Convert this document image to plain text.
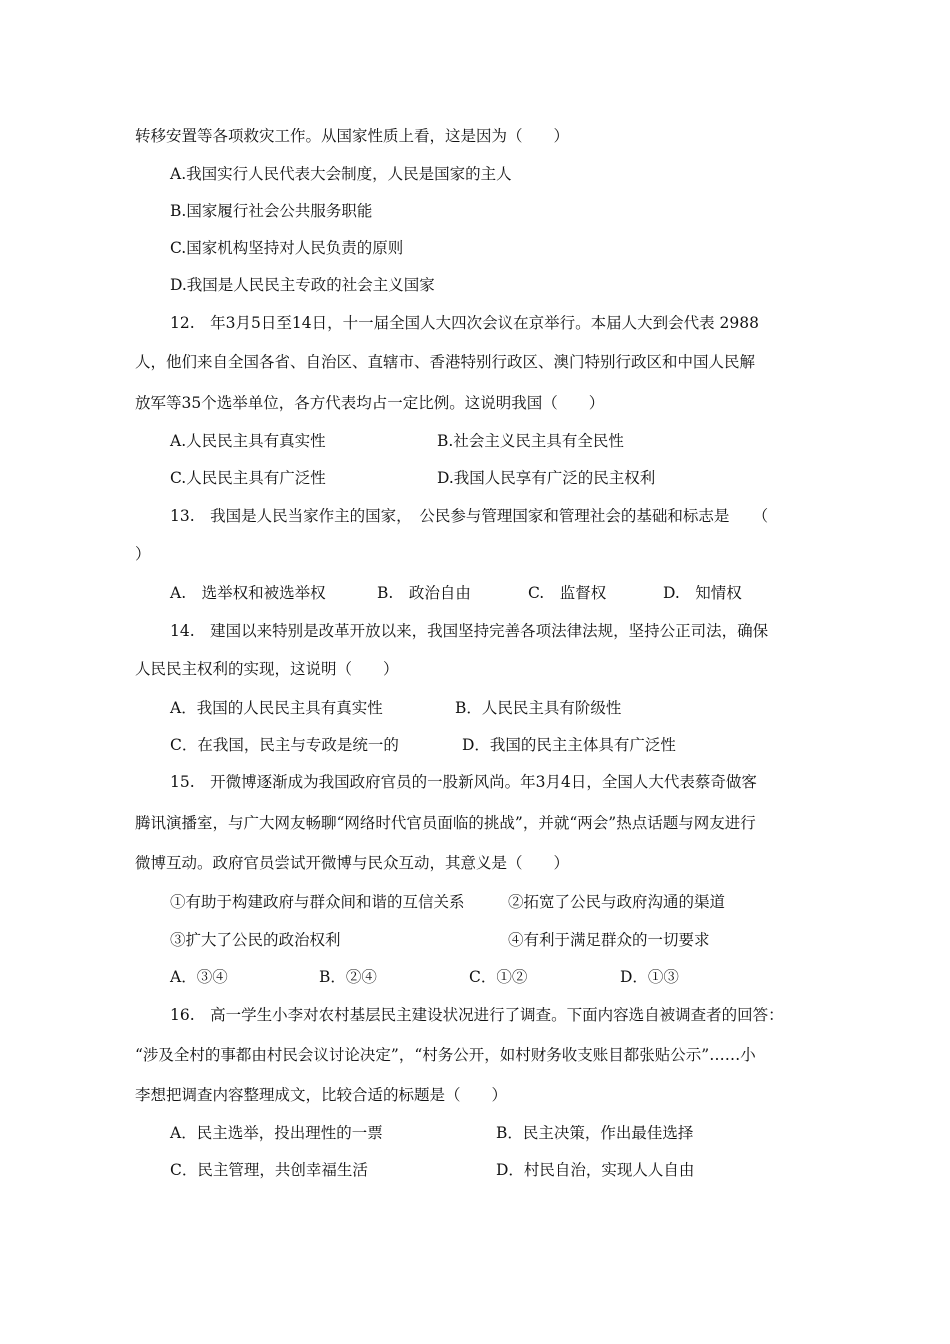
转移安置等各项救灾工作。从国家性质上看，这是因为（　　）
A.我国实行人民代表大会制度，人民是国家的主人
B.国家履行社会公共服务职能
C.国家机构坚持对人民负责的原则
D.我国是人民民主专政的社会主义国家
12.　年3月5日至14日，十一届全国人大四次会议在京举行。本届人大到会代表 2988
人，他们来自全国各省、自治区、直辖市、香港特别行政区、澳门特别行政区和中国人民解
放军等35个选举单位，各方代表均占一定比例。这说明我国（　　）
A.人民民主具有真实性	B.社会主义民主具有全民性
C.人民民主具有广泛性	D.我国人民享有广泛的民主权利
13.　我国是人民当家作主的国家，　公民参与管理国家和管理社会的基础和标志是　　（
）
A.　选举权和被选举权	B.　政治自由	C.　监督权	D.　知情权
14.　建国以来特别是改革开放以来，我国坚持完善各项法律法规，坚持公正司法，确保
人民民主权利的实现，这说明（　　）
A．我国的人民民主具有真实性	B．人民民主具有阶级性
C．在我国，民主与专政是统一的	D．我国的民主主体具有广泛性
15.　开微博逐渐成为我国政府官员的一股新风尚。年3月4日，全国人大代表蔡奇做客
腾讯演播室，与广大网友畅聊“网络时代官员面临的挑战”，并就“两会”热点话题与网友进行
微博互动。政府官员尝试开微博与民众互动，其意义是（　　）
①有助于构建政府与群众间和谐的互信关系	②拓宽了公民与政府沟通的渠道
③扩大了公民的政治权利	④有利于满足群众的一切要求
A．③④	B．②④	C．①②	D．①③
16.　高一学生小李对农村基层民主建设状况进行了调查。下面内容选自被调查者的回答：
“涉及全村的事都由村民会议讨论决定”，“村务公开，如村财务收支账目都张贴公示”……小
李想把调查内容整理成文，比较合适的标题是（　　）
A．民主选举，投出理性的一票	B．民主决策，作出最佳选择
C．民主管理，共创幸福生活	D．村民自治，实现人人自由
